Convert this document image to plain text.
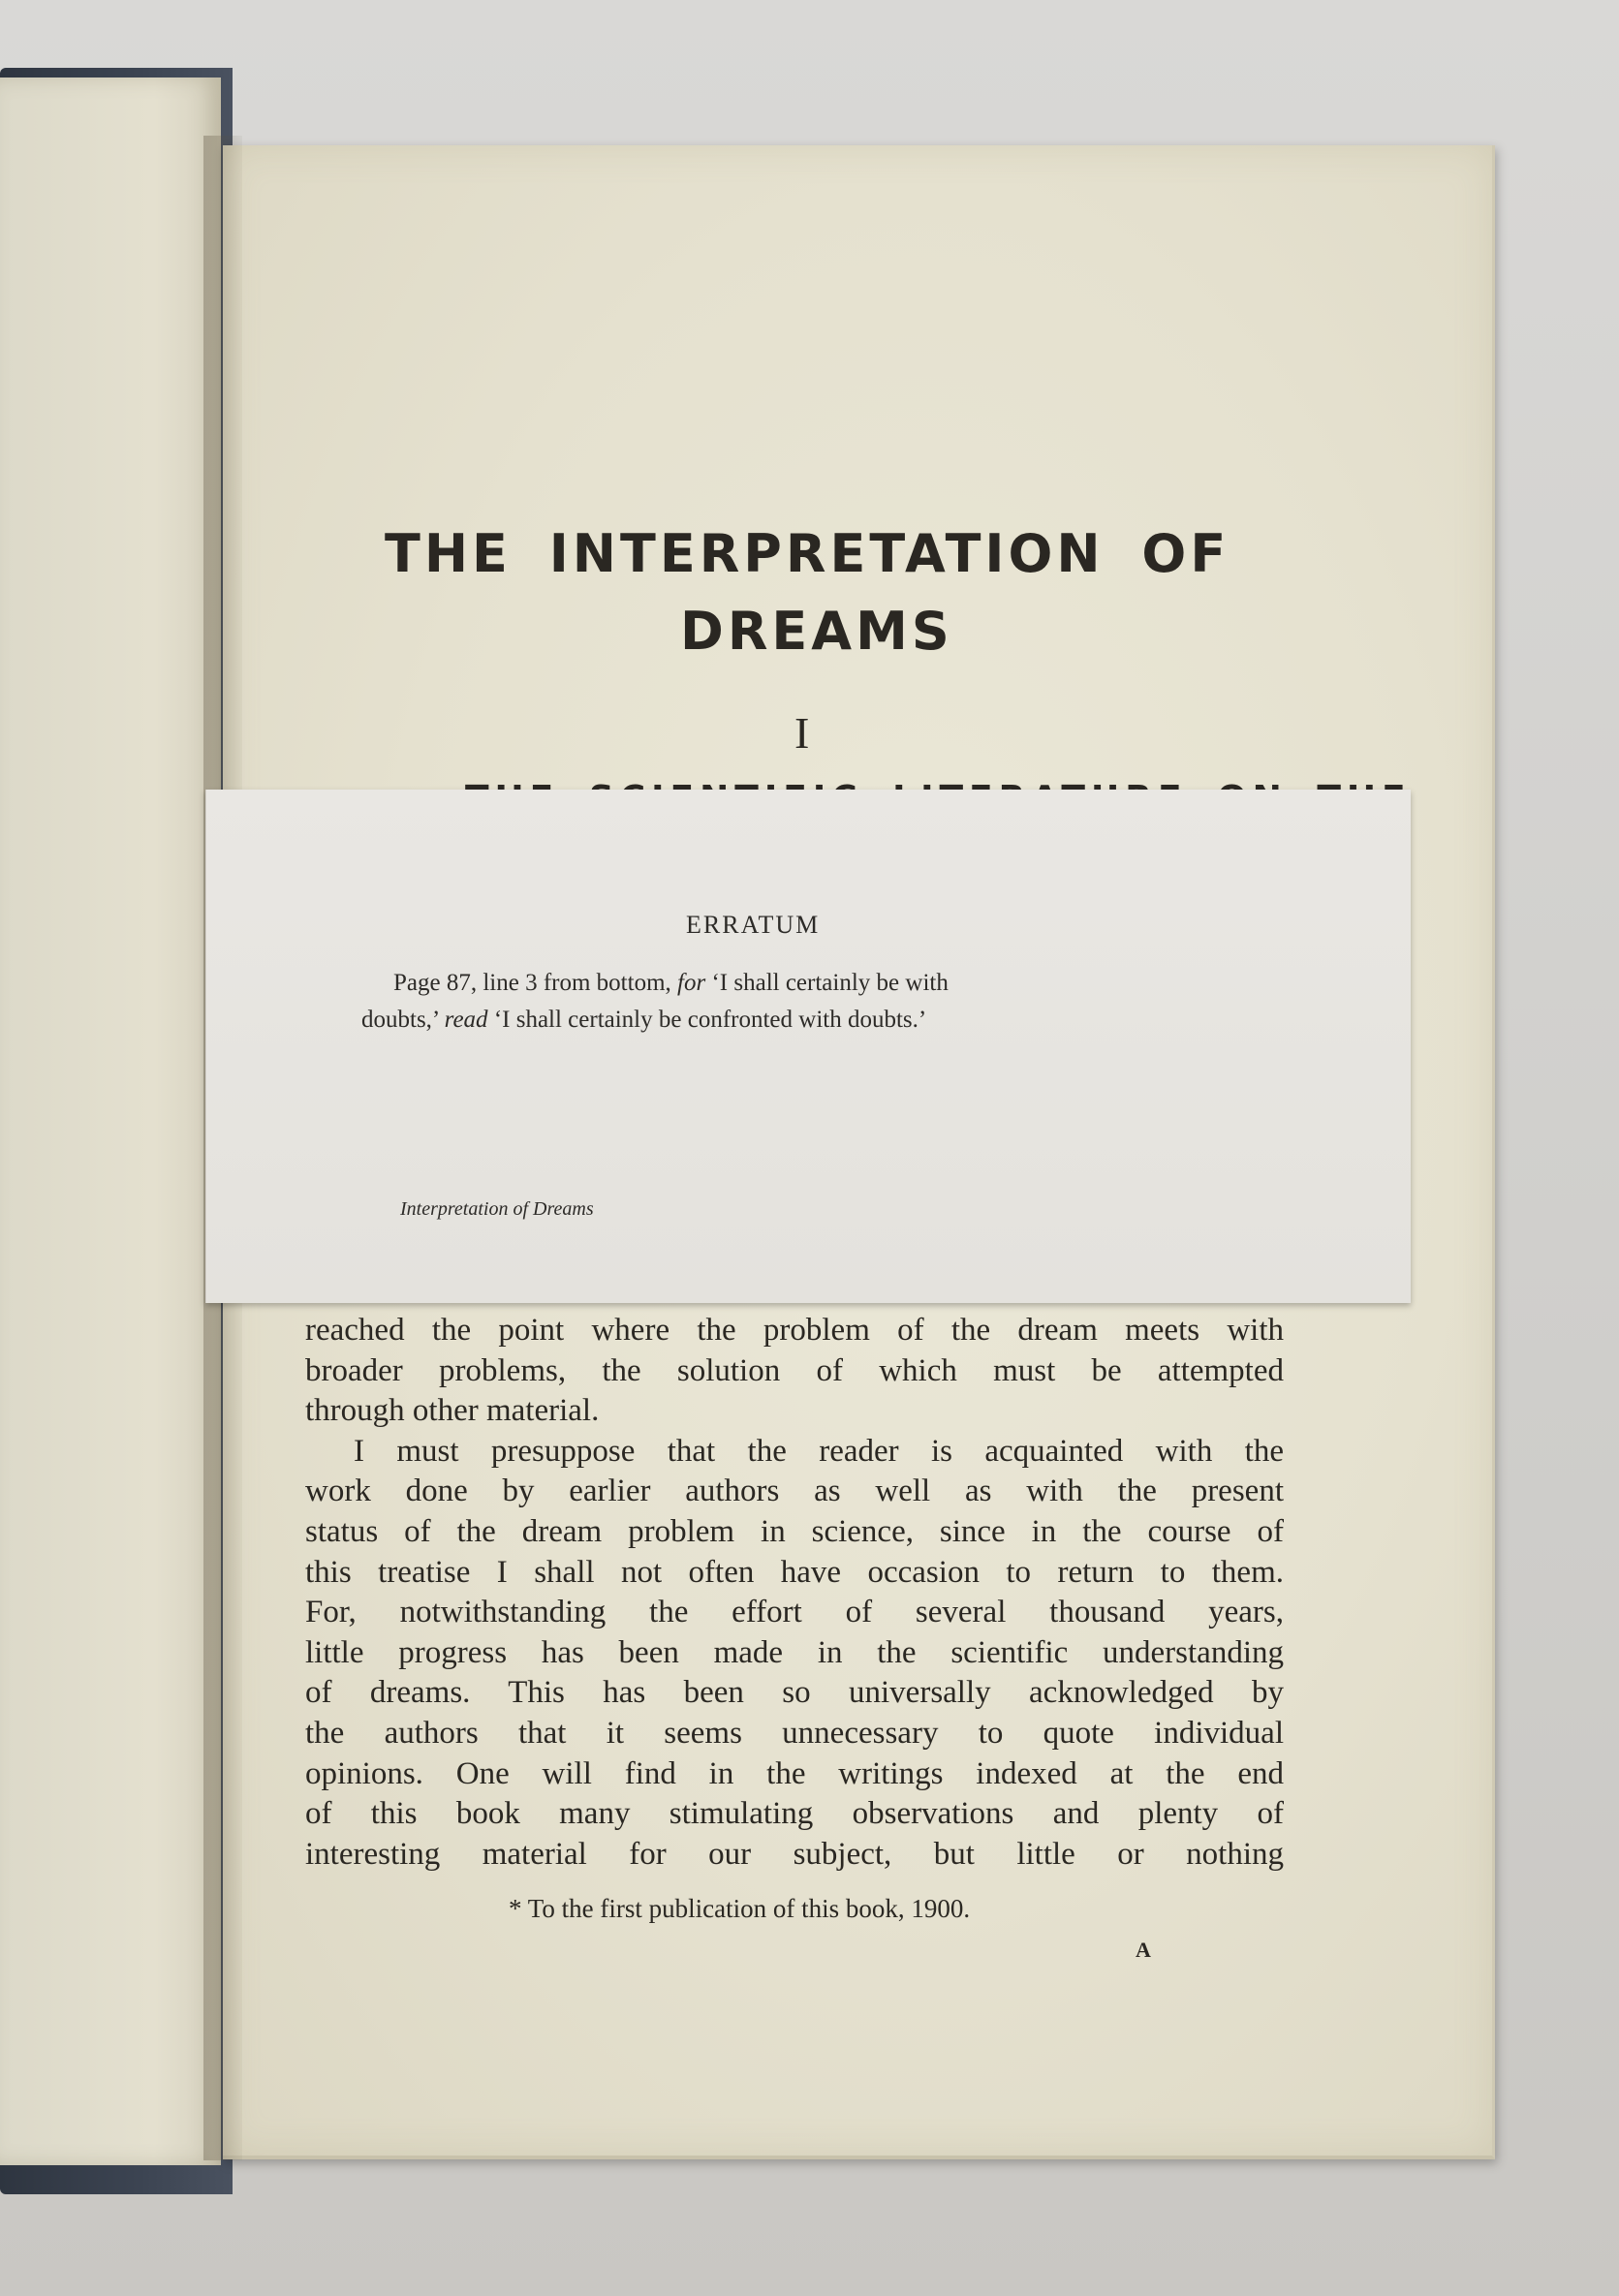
THE INTERPRETATION OF
DREAMS
I
ERRATUM
Page 87, line 3 from bottom, for ‘I shall certainly be with
doubts,’ read ‘I shall certainly be confronted with doubts.’
Interpretation of Dreams
reached the point where the problem of the dream meets with
broader problems, the solution of which must be attempted
through other material.
I must presuppose that the reader is acquainted with the
work done by earlier authors as well as with the present
status of the dream problem in science, since in the course of
this treatise I shall not often have occasion to return to them.
For, notwithstanding the effort of several thousand years,
little progress has been made in the scientific understanding
of dreams. This has been so universally acknowledged by
the authors that it seems unnecessary to quote individual
opinions. One will find in the writings indexed at the end
of this book many stimulating observations and plenty of
interesting material for our subject, but little or nothing
* To the first publication of this book, 1900.
A
